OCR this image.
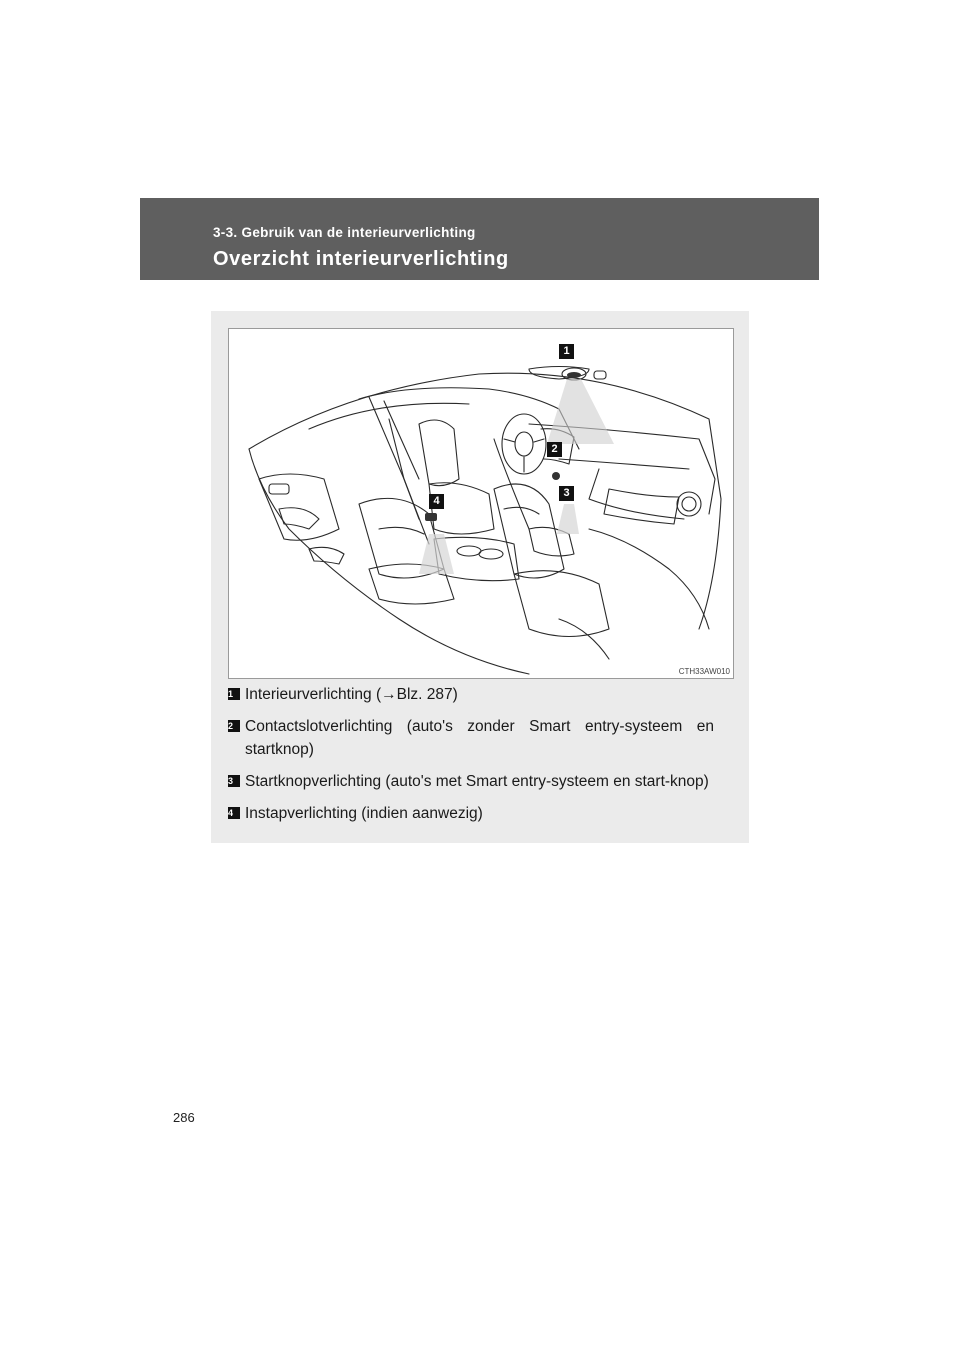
3-3. Gebruik van de interieurverlichting
Overzicht interieurverlichting
1
2
3
4
CTH33AW010
1 Interieurverlichting (→Blz. 287)
2 Contactslotverlichting (auto's zonder Smart entry-systeem en startknop)
3 Startknopverlichting (auto's met Smart entry-systeem en start-knop)
4 Instapverlichting (indien aanwezig)
286
